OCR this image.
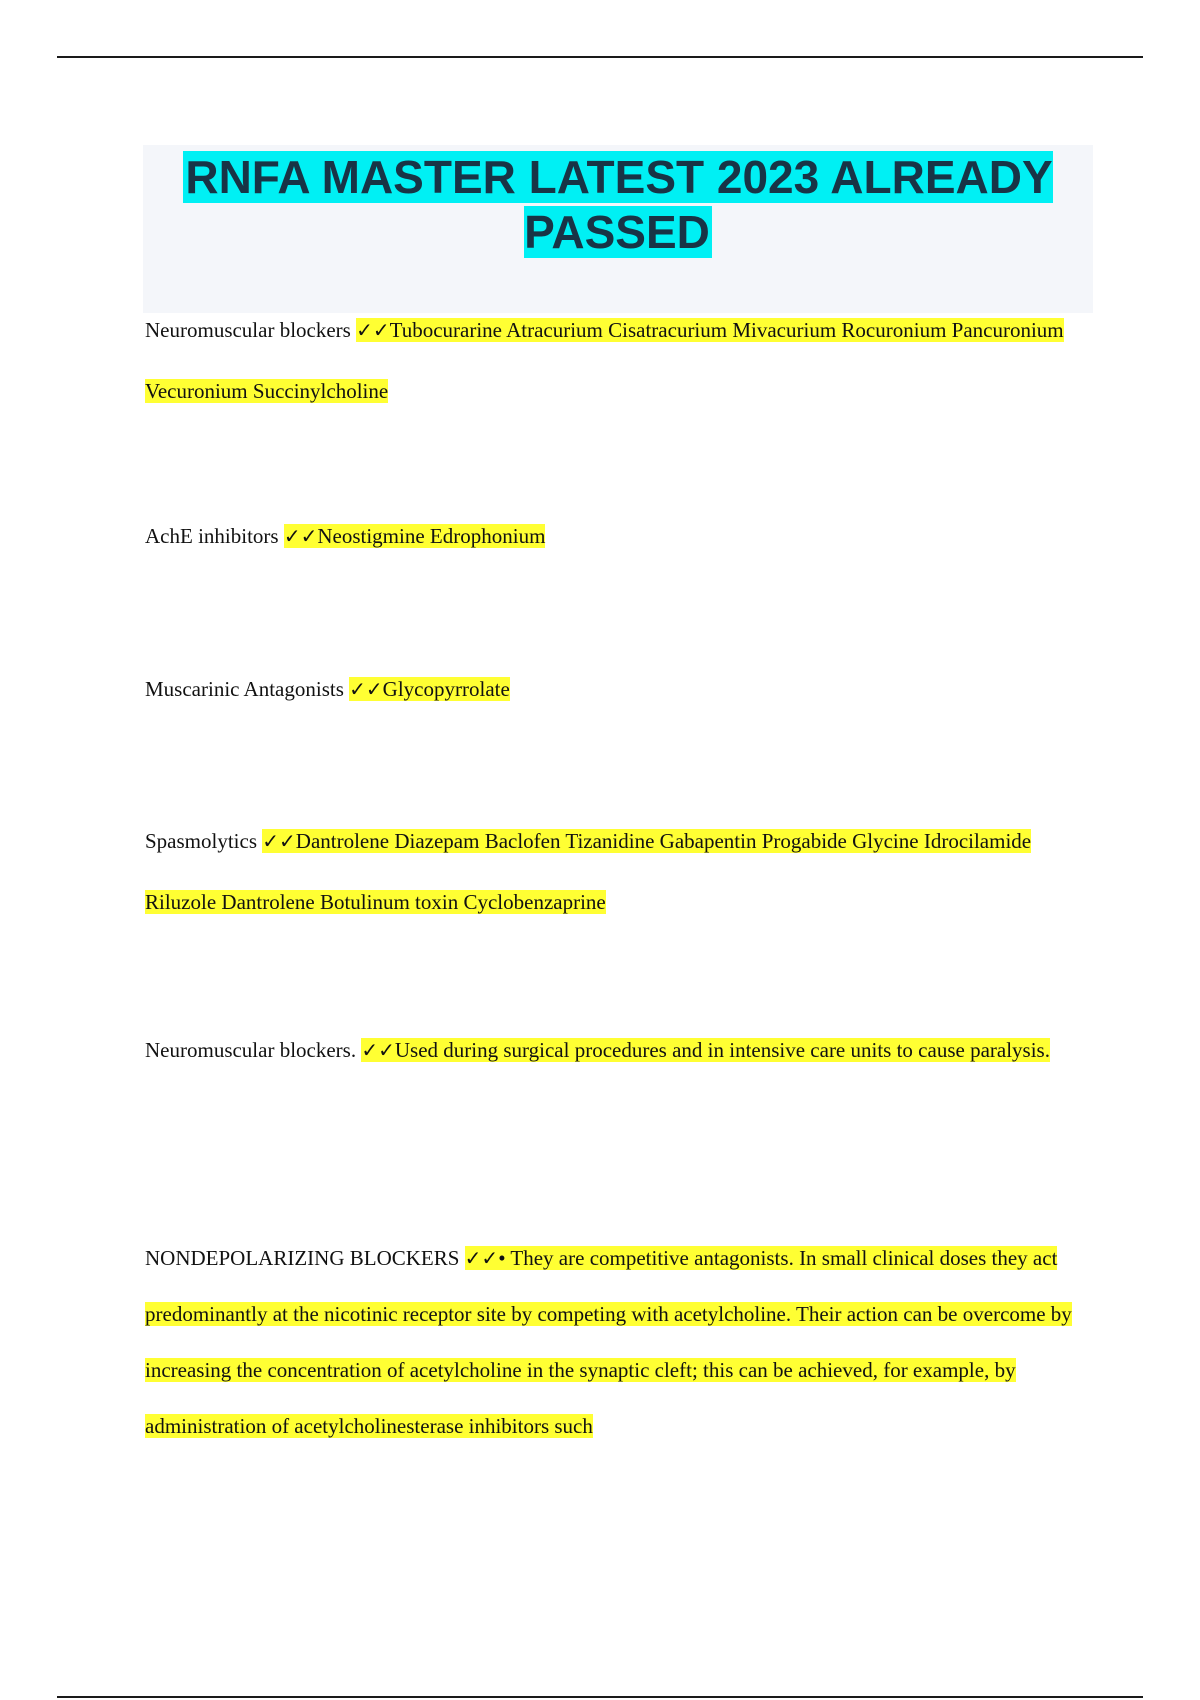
RNFA MASTER LATEST 2023 ALREADY PASSED

Neuromuscular blockers ✓✓Tubocurarine Atracurium Cisatracurium Mivacurium Rocuronium Pancuronium Vecuronium Succinylcholine

AchE inhibitors ✓✓Neostigmine Edrophonium

Muscarinic Antagonists ✓✓Glycopyrrolate

Spasmolytics ✓✓Dantrolene Diazepam Baclofen Tizanidine Gabapentin Progabide Glycine Idrocilamide Riluzole Dantrolene Botulinum toxin Cyclobenzaprine

Neuromuscular blockers. ✓✓Used during surgical procedures and in intensive care units to cause paralysis.

NONDEPOLARIZING BLOCKERS ✓✓• They are competitive antagonists. In small clinical doses they act predominantly at the nicotinic receptor site by competing with acetylcholine. Their action can be overcome by increasing the concentration of acetylcholine in the synaptic cleft; this can be achieved, for example, by administration of acetylcholinesterase inhibitors such
